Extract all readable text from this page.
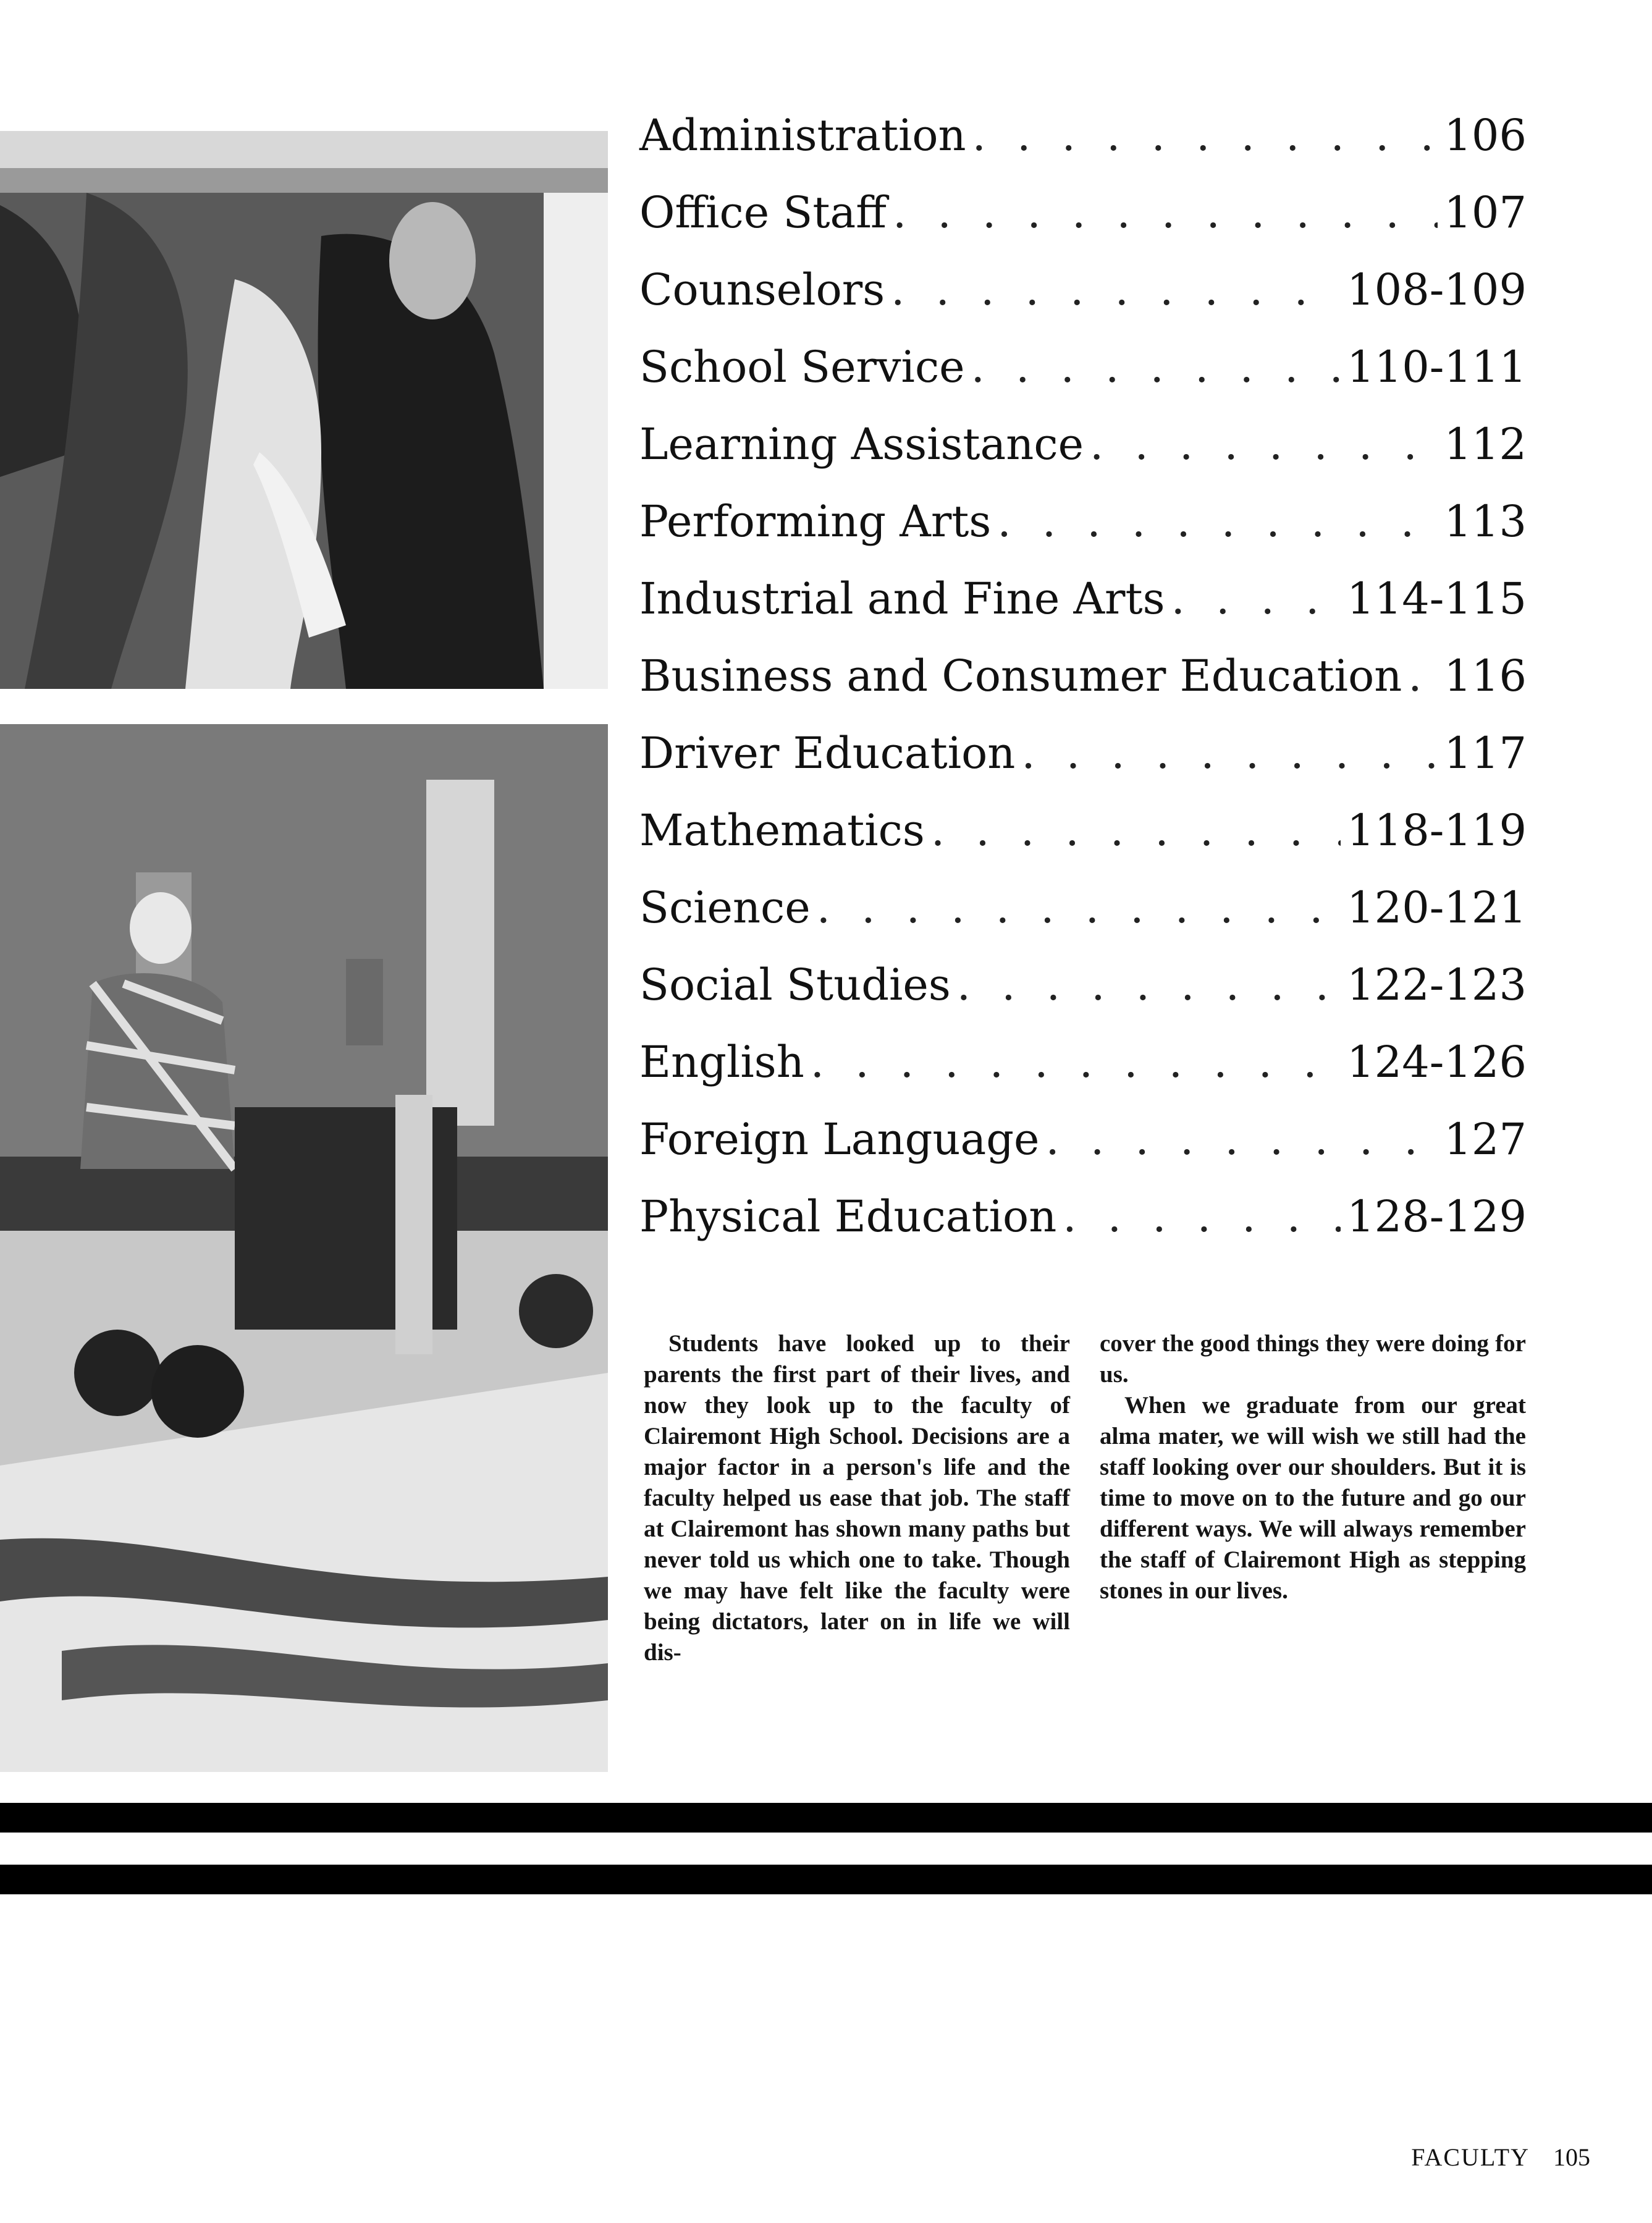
Administration . . .	106
Office Staff . . .	107
Counselors . . .	108-109
School Service . . .	110-111
Learning Assistance . . .	112
Performing Arts . . .	113
Industrial and Fine Arts . . .	114-115
Business and Consumer Education . . . 116
Driver Education . . .	117
Mathematics . . .	118-119
Science . . .	120-121
Social Studies . . .	122-123
English . . .	124-126
Foreign Language . . .	127
Physical Education . . .	128-129

Students have looked up to their parents the first part of their lives, and now they look up to the faculty of Clairemont High School. Decisions are a major factor in a person's life and the faculty helped us ease that job. The staff at Clairemont has shown many paths but never told us which one to take. Though we may have felt like the faculty were being dictators, later on in life we will dis-

cover the good things they were doing for us.

When we graduate from our great alma mater, we will wish we still had the staff looking over our shoulders. But it is time to move on to the future and go our different ways. We will always remember the staff of Clairemont High as stepping stones in our lives.

FACULTY 105
